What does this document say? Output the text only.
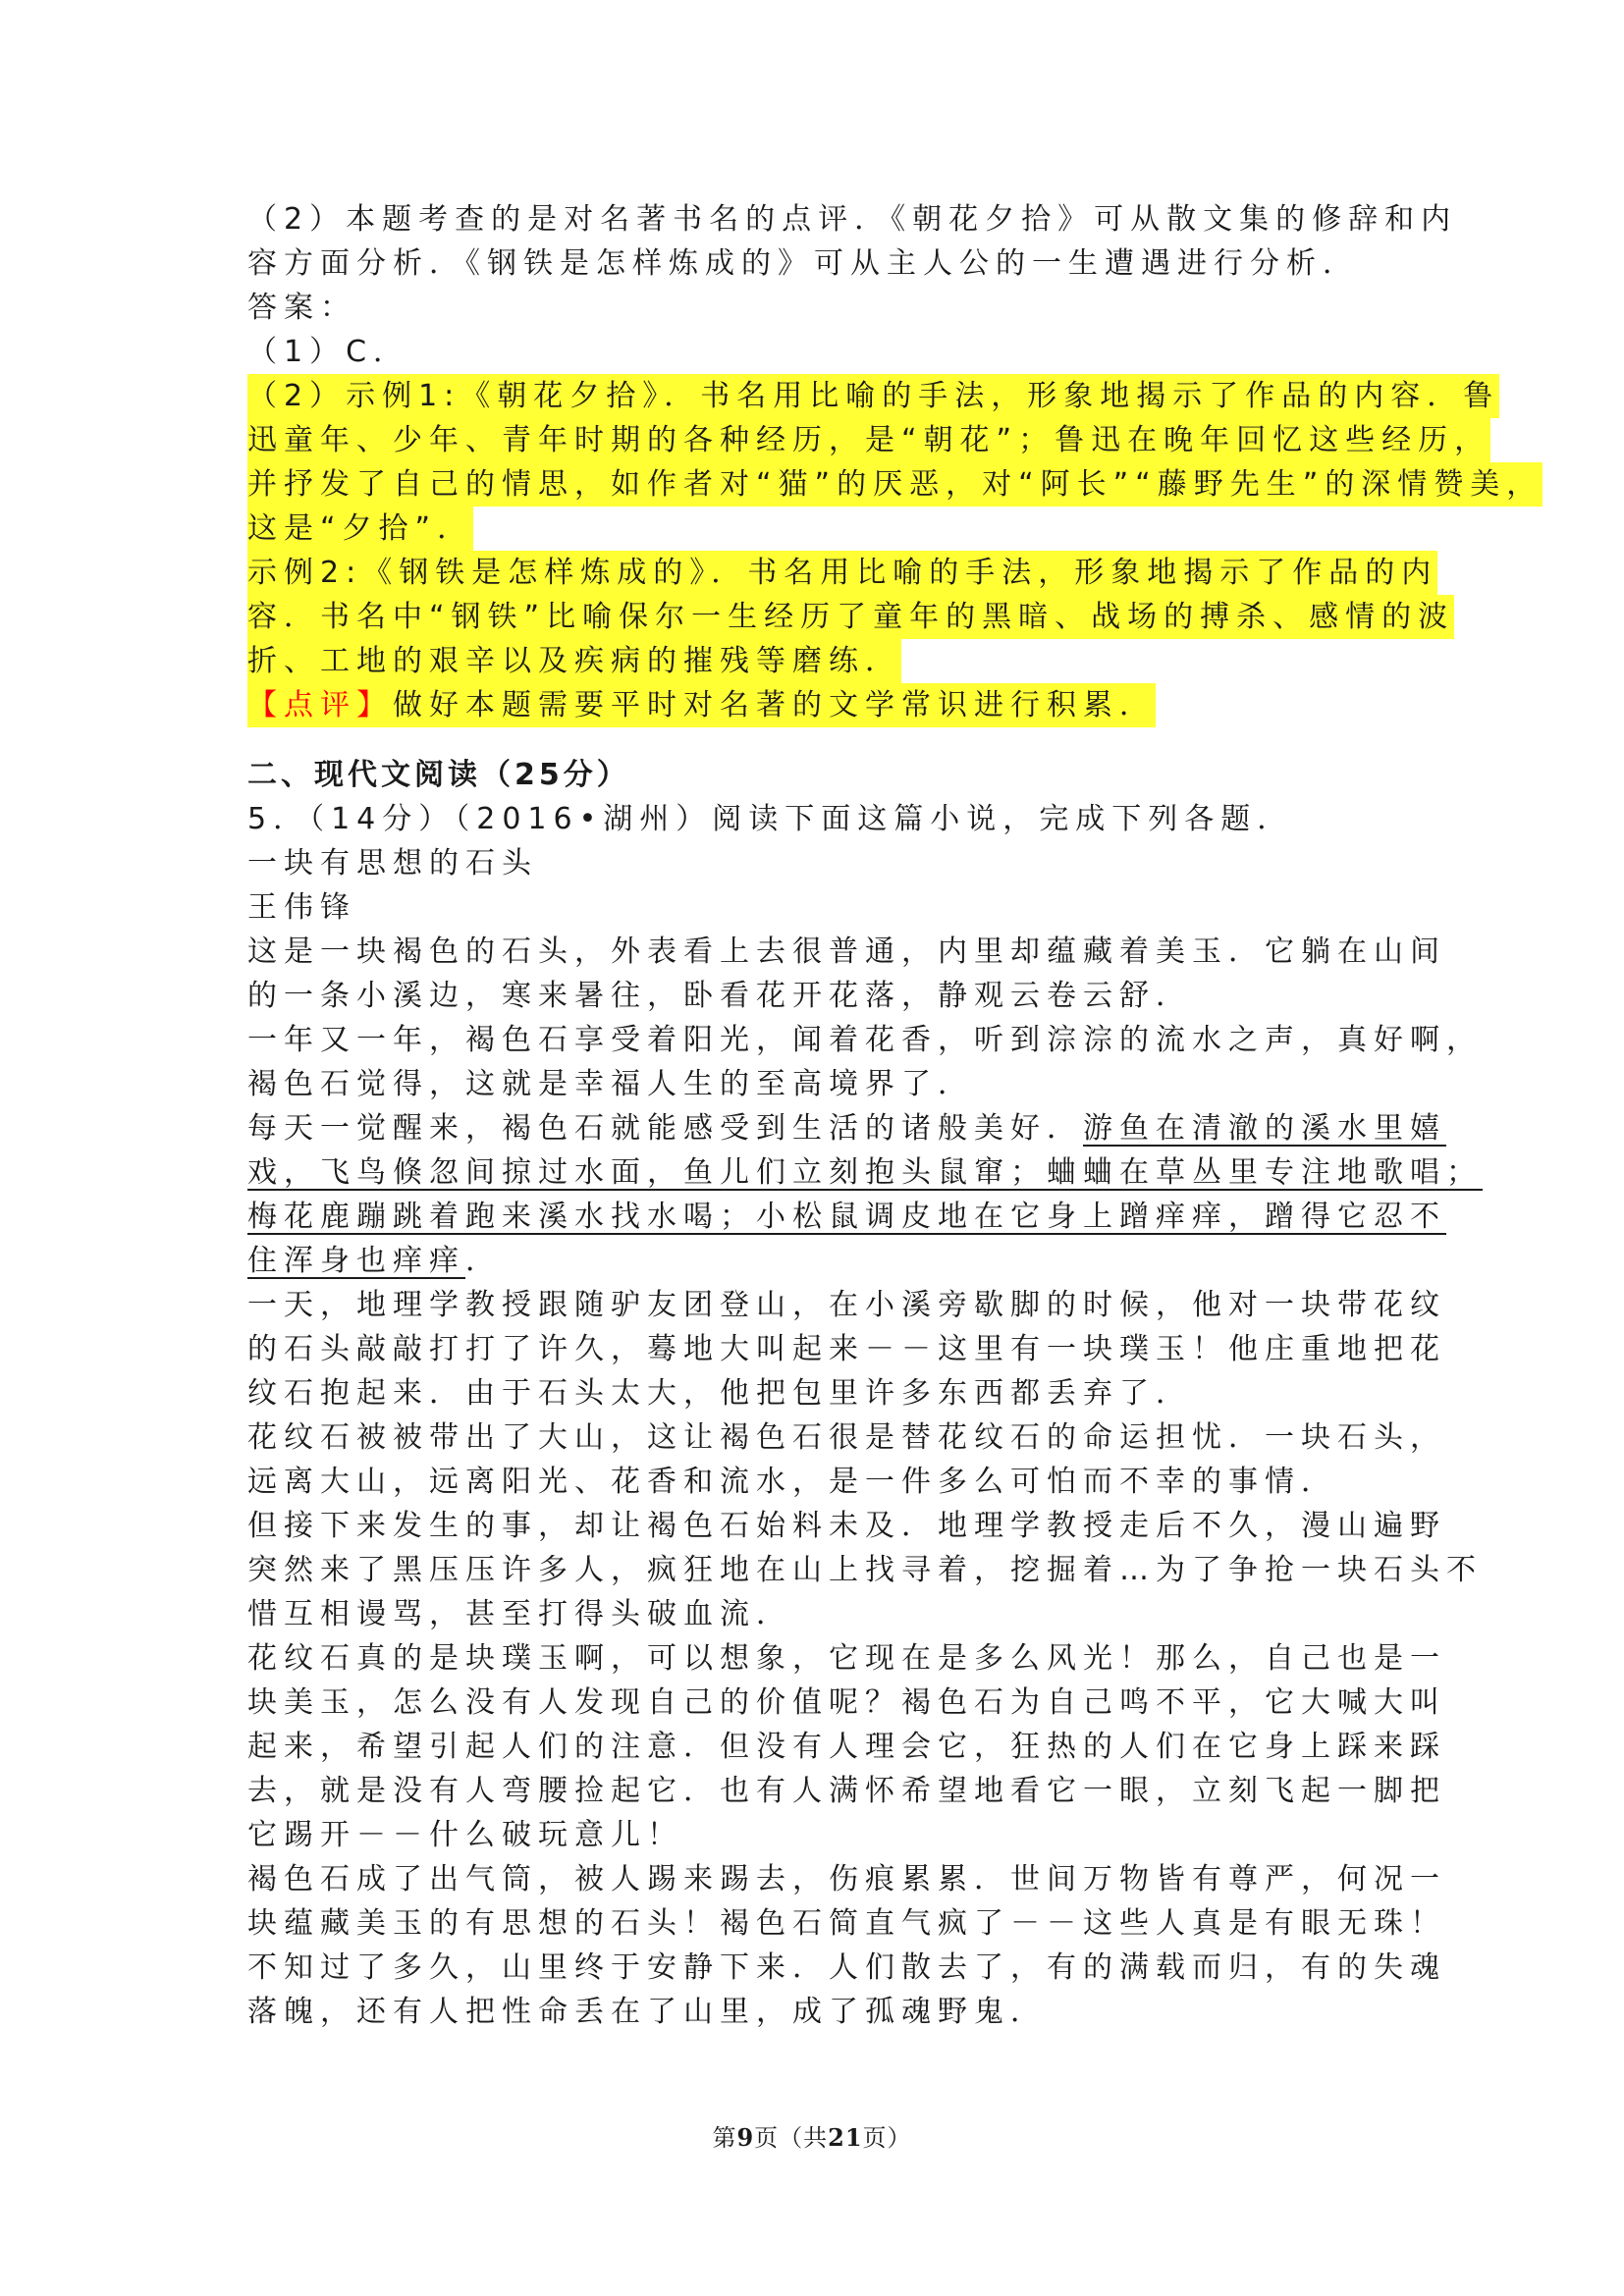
（2）本题考查的是对名著书名的点评．《朝花夕拾》可从散文集的修辞和内
容方面分析．《钢铁是怎样炼成的》可从主人公的一生遭遇进行分析．
答案：
（1）C．
（2）示例1:《朝花夕拾》．书名用比喻的手法，形象地揭示了作品的内容．鲁
迅童年、少年、青年时期的各种经历，是“朝花”；鲁迅在晚年回忆这些经历，
并抒发了自己的情思，如作者对“猫”的厌恶，对“阿长”“藤野先生”的深情赞美，
这是“夕拾”．
示例2:《钢铁是怎样炼成的》．书名用比喻的手法，形象地揭示了作品的内
容．书名中“钢铁”比喻保尔一生经历了童年的黑暗、战场的搏杀、感情的波
折、工地的艰辛以及疾病的摧残等磨练．
【点评】做好本题需要平时对名著的文学常识进行积累．
二、现代文阅读（25分）
5．（14分）（2016•湖州）阅读下面这篇小说，完成下列各题．
一块有思想的石头
王伟锋
这是一块褐色的石头，外表看上去很普通，内里却蕴藏着美玉．它躺在山间
的一条小溪边，寒来暑往，卧看花开花落，静观云卷云舒．
一年又一年，褐色石享受着阳光，闻着花香，听到淙淙的流水之声，真好啊，
褐色石觉得，这就是幸福人生的至高境界了．
每天一觉醒来，褐色石就能感受到生活的诸般美好．游鱼在清澈的溪水里嬉
戏，飞鸟倏忽间掠过水面，鱼儿们立刻抱头鼠窜；蛐蛐在草丛里专注地歌唱；
梅花鹿蹦跳着跑来溪水找水喝；小松鼠调皮地在它身上蹭痒痒，蹭得它忍不
住浑身也痒痒．
一天，地理学教授跟随驴友团登山，在小溪旁歇脚的时候，他对一块带花纹
的石头敲敲打打了许久，蓦地大叫起来－－这里有一块璞玉！他庄重地把花
纹石抱起来．由于石头太大，他把包里许多东西都丢弃了．
花纹石被被带出了大山，这让褐色石很是替花纹石的命运担忧．一块石头，
远离大山，远离阳光、花香和流水，是一件多么可怕而不幸的事情．
但接下来发生的事，却让褐色石始料未及．地理学教授走后不久，漫山遍野
突然来了黑压压许多人，疯狂地在山上找寻着，挖掘着…为了争抢一块石头不
惜互相谩骂，甚至打得头破血流．
花纹石真的是块璞玉啊，可以想象，它现在是多么风光！那么，自己也是一
块美玉，怎么没有人发现自己的价值呢？褐色石为自己鸣不平，它大喊大叫
起来，希望引起人们的注意．但没有人理会它，狂热的人们在它身上踩来踩
去，就是没有人弯腰捡起它．也有人满怀希望地看它一眼，立刻飞起一脚把
它踢开－－什么破玩意儿！
褐色石成了出气筒，被人踢来踢去，伤痕累累．世间万物皆有尊严，何况一
块蕴藏美玉的有思想的石头！褐色石简直气疯了－－这些人真是有眼无珠！
不知过了多久，山里终于安静下来．人们散去了，有的满载而归，有的失魂
落魄，还有人把性命丢在了山里，成了孤魂野鬼．
第9页（共21页）
